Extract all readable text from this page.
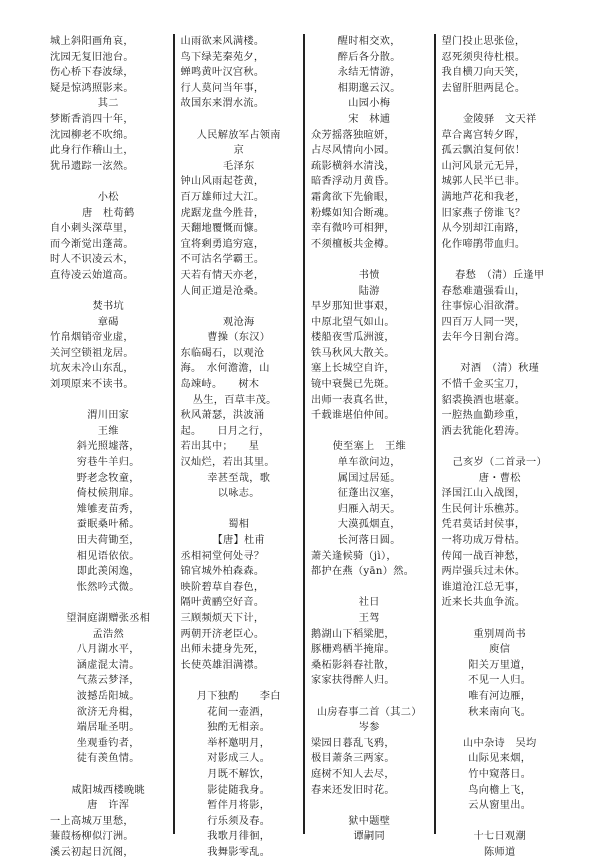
城上斜阳画角哀，
沈园无复旧池台。
伤心桥下春波绿，
疑是惊鸿照影来。
其二
梦断香消四十年，
沈园柳老不吹绵。
此身行作稽山土，
犹吊遗踪一泫然。
小松
唐　杜荀鹤
自小刺头深草里，
而今渐觉出蓬蒿。
时人不识凌云木，
直待凌云始道高。
焚书坑
章碣
竹帛烟销帝业虚，
关河空锁祖龙居。
坑灰未冷山东乱，
刘项原来不读书。
渭川田家
王维
斜光照墟落，
穷巷牛羊归。
野老念牧童，
倚杖候荆扉。
雉雊麦苗秀，
蚕眠桑叶稀。
田夫荷锄至，
相见语依依。
即此羡闲逸，
怅然吟式微。
望洞庭湖赠张丞相
孟浩然
八月湖水平，
涵虚混太清。
气蒸云梦泽，
波撼岳阳城。
欲济无舟楫，
端居耻圣明。
坐观垂钓者，
徒有羡鱼情。
咸阳城西楼晚眺
唐　许浑
一上高城万里愁，
蒹葭杨柳似汀洲。
溪云初起日沉阁，
山雨欲来风满楼。
鸟下绿芜秦苑夕，
蝉鸣黄叶汉宫秋。
行人莫问当年事，
故国东来渭水流。
人民解放军占领南
京
毛泽东
钟山风雨起苍黄，
百万雄师过大江。
虎踞龙盘今胜昔，
天翻地覆慨而慷。
宜将剩勇追穷寇，
不可沽名学霸王。
天若有情天亦老，
人间正道是沧桑。
观沧海
曹操（东汉）
东临碣石，以观沧
海。　水何澹澹，山
岛竦峙。　　树木
丛生，百草丰茂。
秋风萧瑟，洪波涌
起。　　日月之行，
若出其中；　　星
汉灿烂，若出其里。
幸甚至哉，歌
以咏志。
蜀相
【唐】杜甫
丞相祠堂何处寻？
锦官城外柏森森。
映阶碧草自春色，
隔叶黄鹂空好音。
三顾频烦天下计，
两朝开济老臣心。
出师未捷身先死，
长使英雄泪满襟。
月下独酌　　李白
花间一壶酒，
独酌无相亲。
举杯邀明月，
对影成三人。
月既不解饮，
影徒随我身。
暂伴月将影，
行乐须及春。
我歌月徘徊，
我舞影零乱。
醒时相交欢，
醉后各分散。
永结无情游，
相期邈云汉。
山园小梅
宋　林逋
众芳摇落独暄妍，
占尽风情向小园。
疏影横斜水清浅，
暗香浮动月黄昏。
霜禽欲下先偷眼，
粉蝶如知合断魂。
幸有微吟可相狎，
不须檀板共金樽。
书愤
陆游
早岁那知世事艰，
中原北望气如山。
楼船夜雪瓜洲渡，
铁马秋风大散关。
塞上长城空自许，
镜中衰鬓已先斑。
出师一表真名世，
千载谁堪伯仲间。
使至塞上　王维
单车欲问边，
属国过居延。
征蓬出汉塞，
归雁入胡天。
大漠孤烟直，
长河落日圆。
萧关逢候骑（jì），
都护在燕（yān）然。
社日
王驾
鹅湖山下稻粱肥，
豚栅鸡栖半掩扉。
桑柘影斜春社散，
家家扶得醉人归。
山房春事二首（其二）
岑参
梁园日暮乱飞鸦，
极目萧条三两家。
庭树不知人去尽，
春来还发旧时花。
狱中题壁
谭嗣同
望门投止思张俭，
忍死须臾待杜根。
我自横刀向天笑，
去留肝胆两昆仑。
金陵驿　文天祥
草合离宫转夕晖，
孤云飘泊复何依！
山河风景元无异，
城郭人民半已非。
满地芦花和我老，
旧家燕子傍谁飞？
从今别却江南路，
化作啼鹃带血归。
春愁　（清）丘逢甲
春愁难遣强看山，
往事惊心泪欲潸。
四百万人同一哭，
去年今日割台湾。
对酒　（清）秋瑾
不惜千金买宝刀，
貂裘换酒也堪豪。
一腔热血勤珍重，
洒去犹能化碧涛。
己亥岁（二首录一）
唐・曹松
泽国江山入战图，
生民何计乐樵苏。
凭君莫话封侯事，
一将功成万骨枯。
传闻一战百神愁，
两岸强兵过未休。
谁道沧江总无事，
近来长共血争流。
重别周尚书
庾信
阳关万里道，
不见一人归。
唯有河边雁，
秋来南向飞。
山中杂诗　吴均
山际见来烟，
竹中窥落日。
鸟向檐上飞，
云从窗里出。
十七日观潮
陈师道
